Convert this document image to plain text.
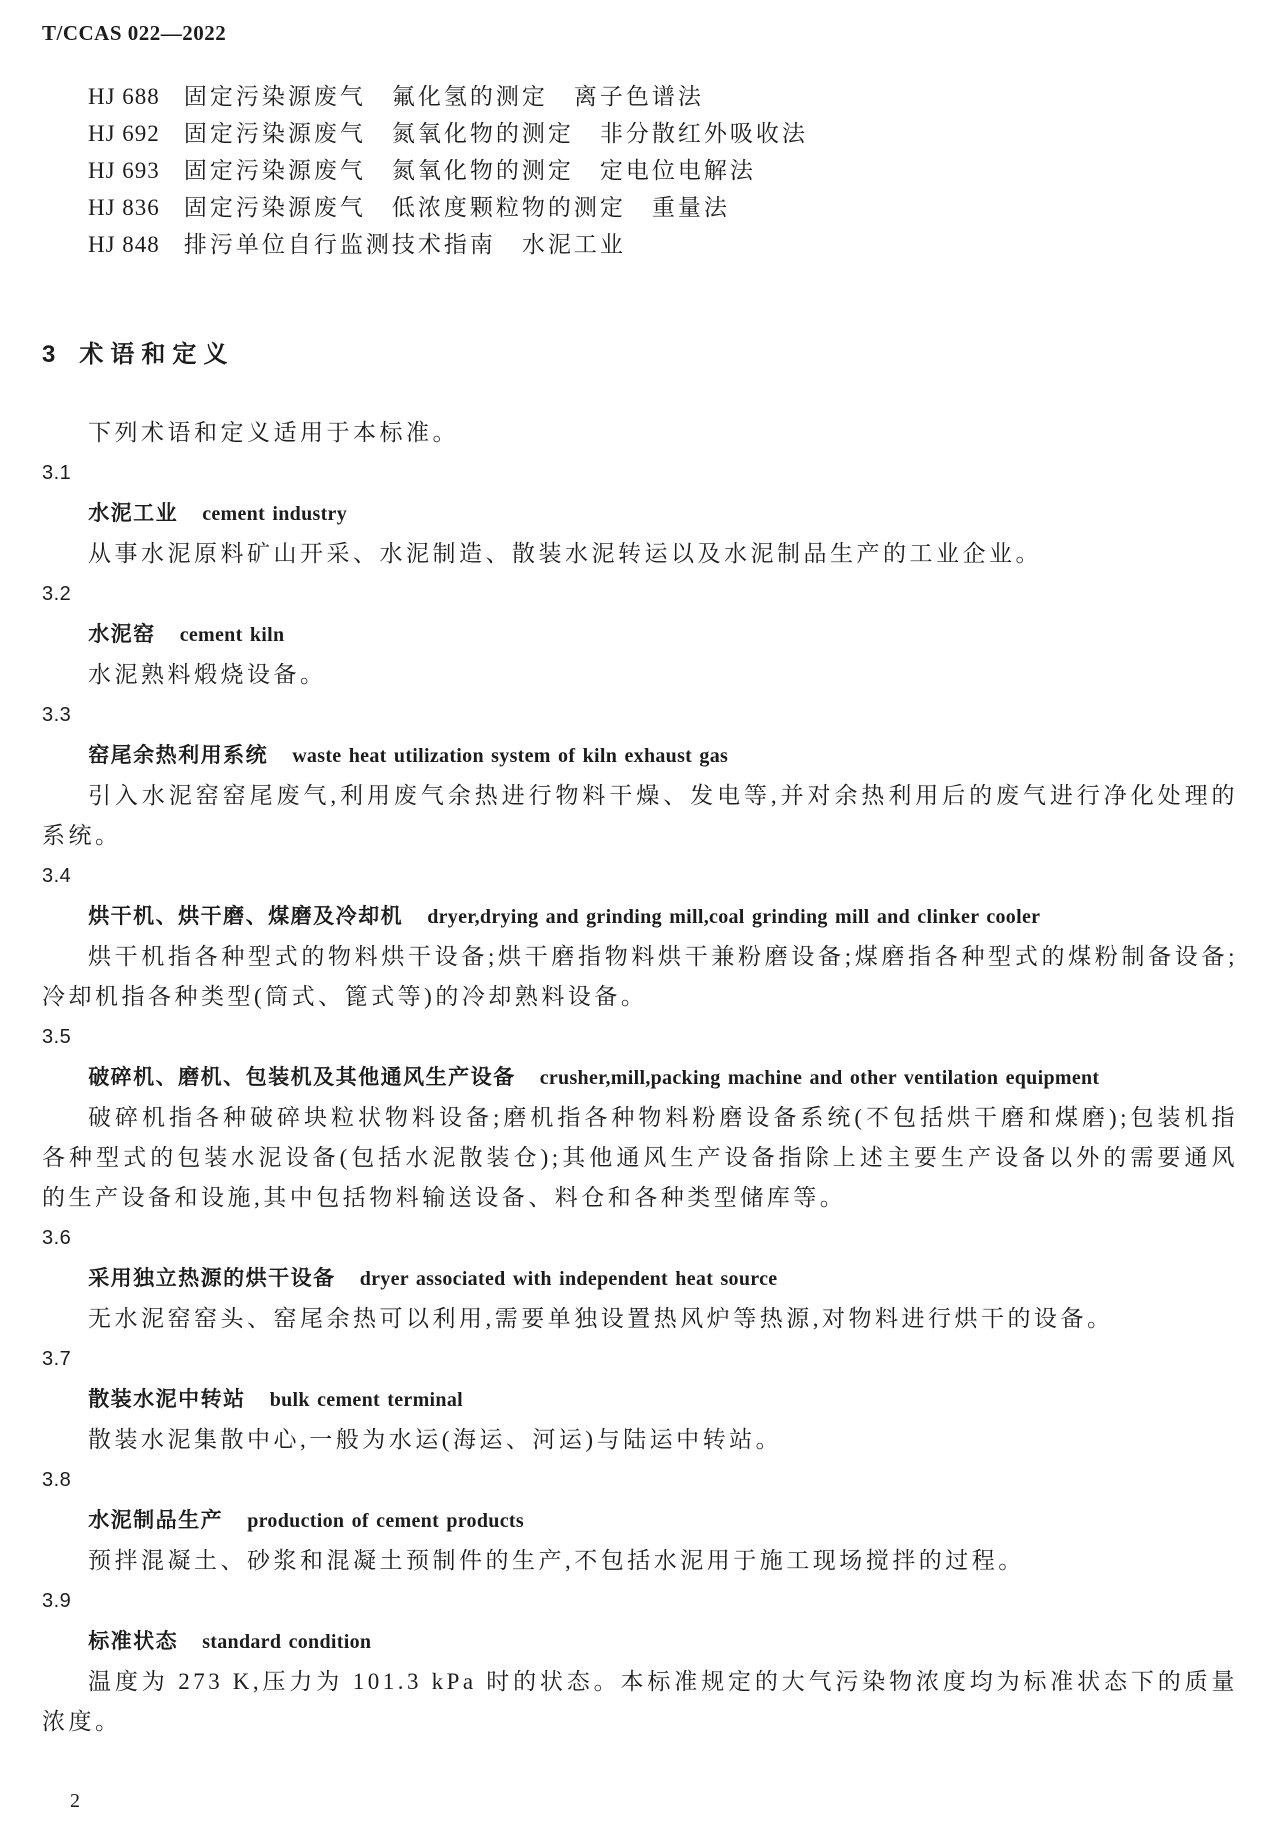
T/CCAS 022—2022

HJ 688 固定污染源废气 氟化氢的测定 离子色谱法

HJ 692 固定污染源废气 氮氧化物的测定 非分散红外吸收法

HJ 693 固定污染源废气 氮氧化物的测定 定电位电解法

HJ 836 固定污染源废气 低浓度颗粒物的测定 重量法

HJ 848 排污单位自行监测技术指南 水泥工业

3 术语和定义

下列术语和定义适用于本标准。

3.1

水泥工业 cement industry

从事水泥原料矿山开采、水泥制造、散装水泥转运以及水泥制品生产的工业企业。

3.2

水泥窑 cement kiln

水泥熟料煅烧设备。

3.3

窑尾余热利用系统 waste heat utilization system of kiln exhaust gas

引入水泥窑窑尾废气,利用废气余热进行物料干燥、发电等,并对余热利用后的废气进行净化处理的系统。

3.4

烘干机、烘干磨、煤磨及冷却机 dryer,drying and grinding mill,coal grinding mill and clinker cooler

烘干机指各种型式的物料烘干设备;烘干磨指物料烘干兼粉磨设备;煤磨指各种型式的煤粉制备设备;冷却机指各种类型(筒式、篦式等)的冷却熟料设备。

3.5

破碎机、磨机、包装机及其他通风生产设备 crusher,mill,packing machine and other ventilation equipment

破碎机指各种破碎块粒状物料设备;磨机指各种物料粉磨设备系统(不包括烘干磨和煤磨);包装机指各种型式的包装水泥设备(包括水泥散装仓);其他通风生产设备指除上述主要生产设备以外的需要通风的生产设备和设施,其中包括物料输送设备、料仓和各种类型储库等。

3.6

采用独立热源的烘干设备 dryer associated with independent heat source

无水泥窑窑头、窑尾余热可以利用,需要单独设置热风炉等热源,对物料进行烘干的设备。

3.7

散装水泥中转站 bulk cement terminal

散装水泥集散中心,一般为水运(海运、河运)与陆运中转站。

3.8

水泥制品生产 production of cement products

预拌混凝土、砂浆和混凝土预制件的生产,不包括水泥用于施工现场搅拌的过程。

3.9

标准状态 standard condition

温度为 273 K,压力为 101.3 kPa 时的状态。本标准规定的大气污染物浓度均为标准状态下的质量浓度。

2
